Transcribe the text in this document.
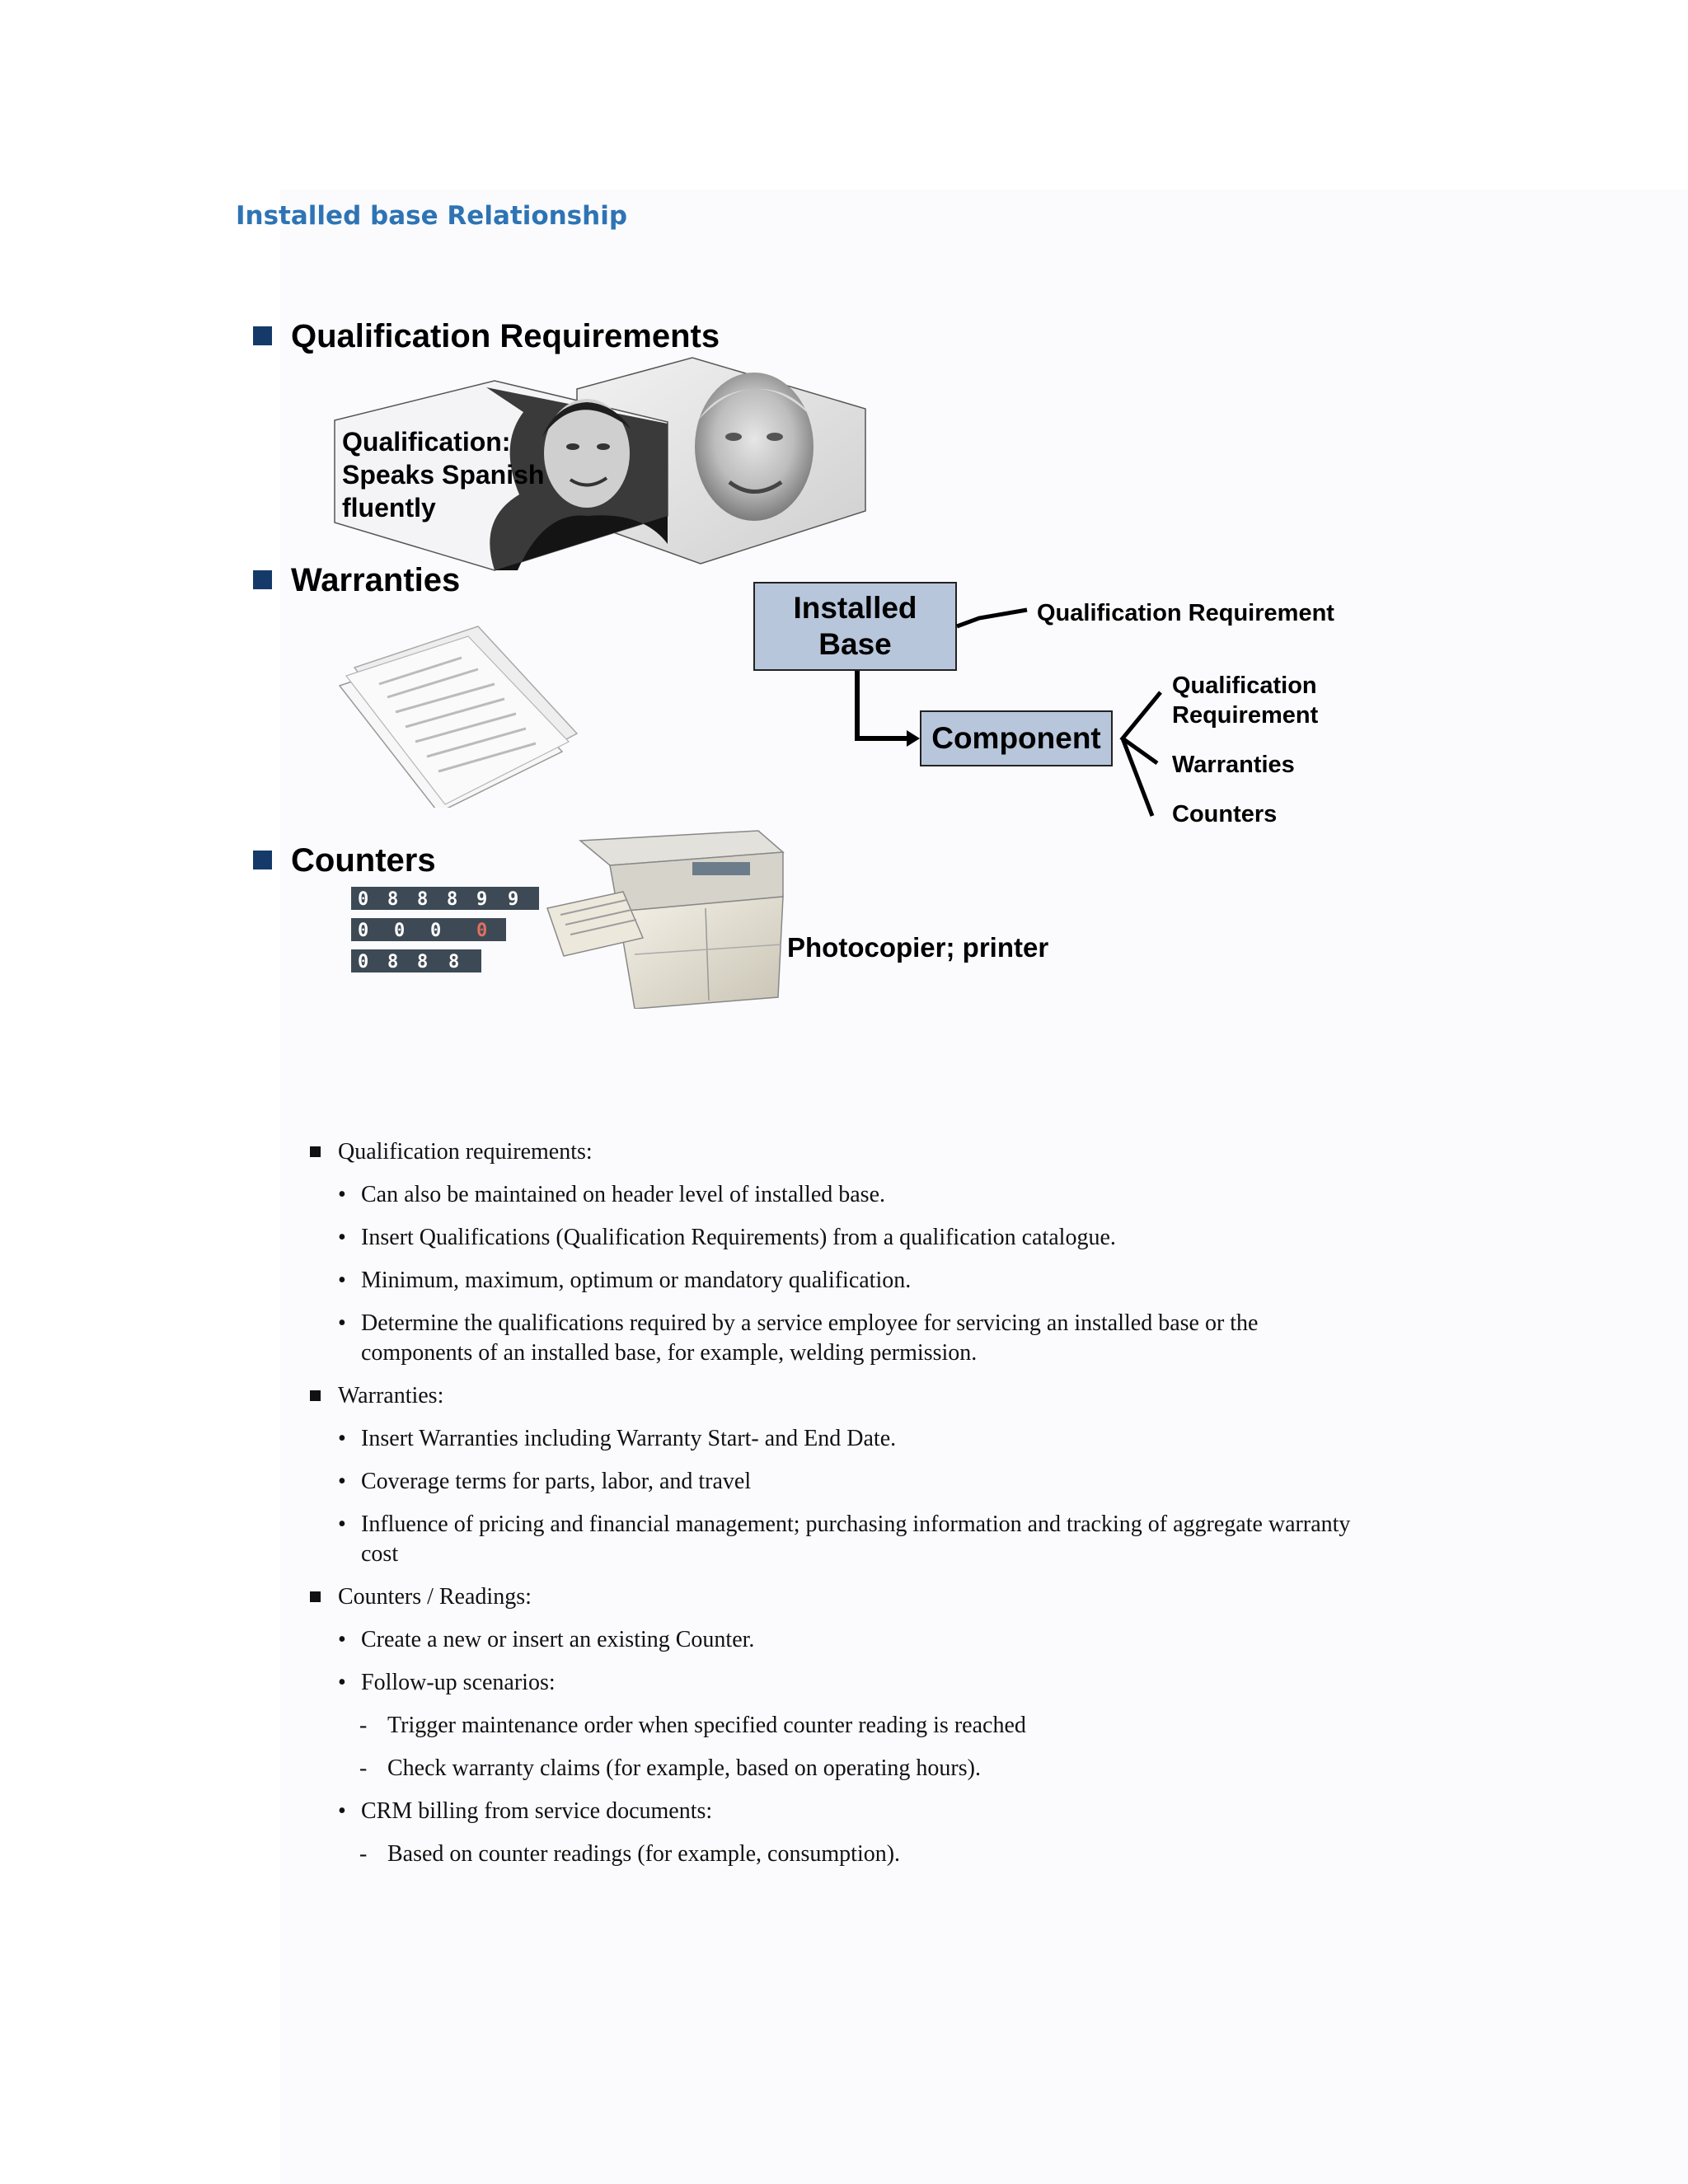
Installed base Relationship
Qualification Requirements
Warranties
Counters
Qualification:
Speaks Spanish
fluently
0 8 8 8 9 9
0 0 0 0
0 8 8 8	Photocopier; printer
Installed
Base
Component
Qualification Requirement
Qualification
Requirement
Warranties
Counters
Qualification requirements:
• Can also be maintained on header level of installed base.
• Insert Qualifications (Qualification Requirements) from a qualification catalogue.
• Minimum, maximum, optimum or mandatory qualification.
• Determine the qualifications required by a service employee for servicing an installed base or the components of an installed base, for example, welding permission.
Warranties:
• Insert Warranties including Warranty Start- and End Date.
• Coverage terms for parts, labor, and travel
• Influence of pricing and financial management; purchasing information and tracking of aggregate warranty cost
Counters / Readings:
• Create a new or insert an existing Counter.
• Follow-up scenarios:
- Trigger maintenance order when specified counter reading is reached
- Check warranty claims (for example, based on operating hours).
• CRM billing from service documents:
- Based on counter readings (for example, consumption).
